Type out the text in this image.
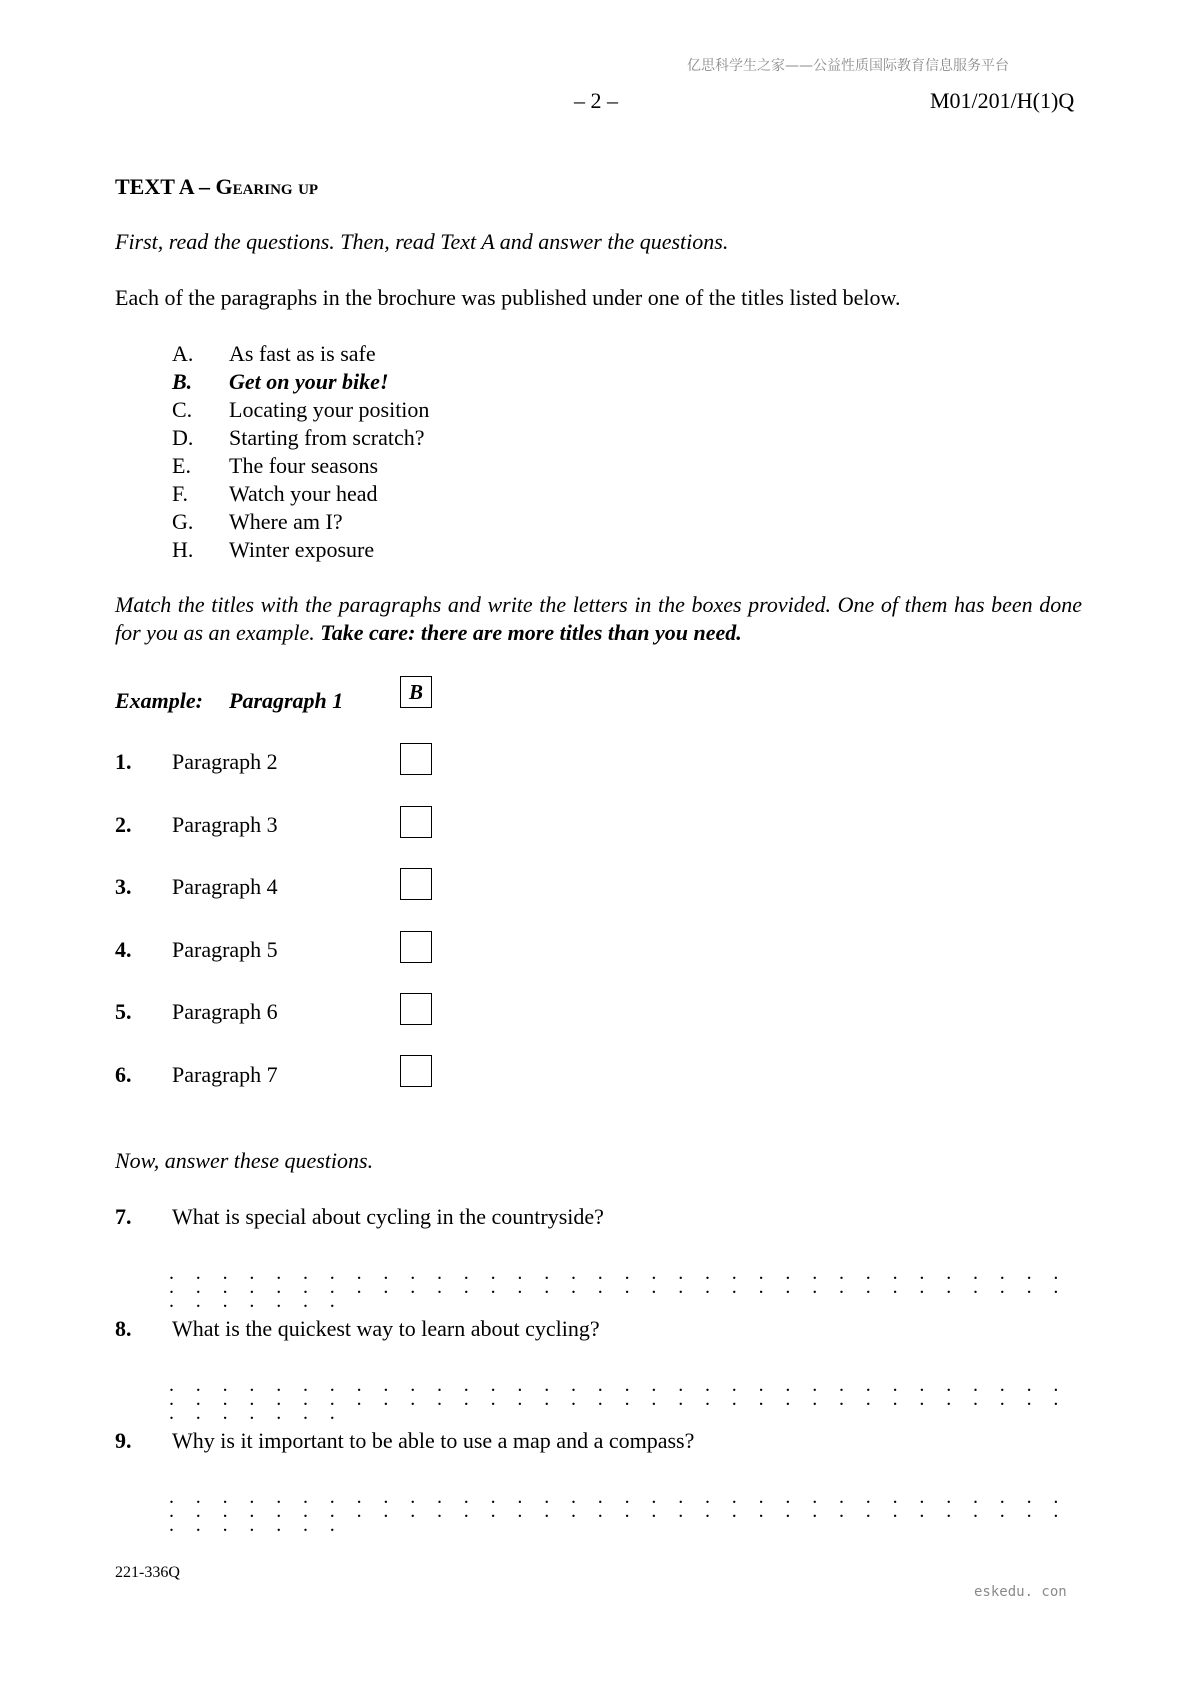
亿思科学生之家——公益性质国际教育信息服务平台
– 2 –	M01/201/H(1)Q
TEXT A – Gearing up
First, read the questions. Then, read Text A and answer the questions.
Each of the paragraphs in the brochure was published under one of the titles listed below.
A. As fast as is safe
B. Get on your bike!
C. Locating your position
D. Starting from scratch?
E. The four seasons
F. Watch your head
G. Where am I?
H. Winter exposure
Match the titles with the paragraphs and write the letters in the boxes provided. One of them has been done for you as an example. Take care: there are more titles than you need.
Example: Paragraph 1	B
1. Paragraph 2
2. Paragraph 3
3. Paragraph 4
4. Paragraph 5
5. Paragraph 6
6. Paragraph 7
Now, answer these questions.
7. What is special about cycling in the countryside?
. . . . . . . . . . . . . . . . . . . . . . . . . . . . . . . . . . . . . . . . . . . . . . . . . . . . . . . . . . . . . . . . . . . . . . . . . . .
8. What is the quickest way to learn about cycling?
. . . . . . . . . . . . . . . . . . . . . . . . . . . . . . . . . . . . . . . . . . . . . . . . . . . . . . . . . . . . . . . . . . . . . . . . . . .
9. Why is it important to be able to use a map and a compass?
. . . . . . . . . . . . . . . . . . . . . . . . . . . . . . . . . . . . . . . . . . . . . . . . . . . . . . . . . . . . . . . . . . . . . . . . . . .
221-336Q
eskedu. con
